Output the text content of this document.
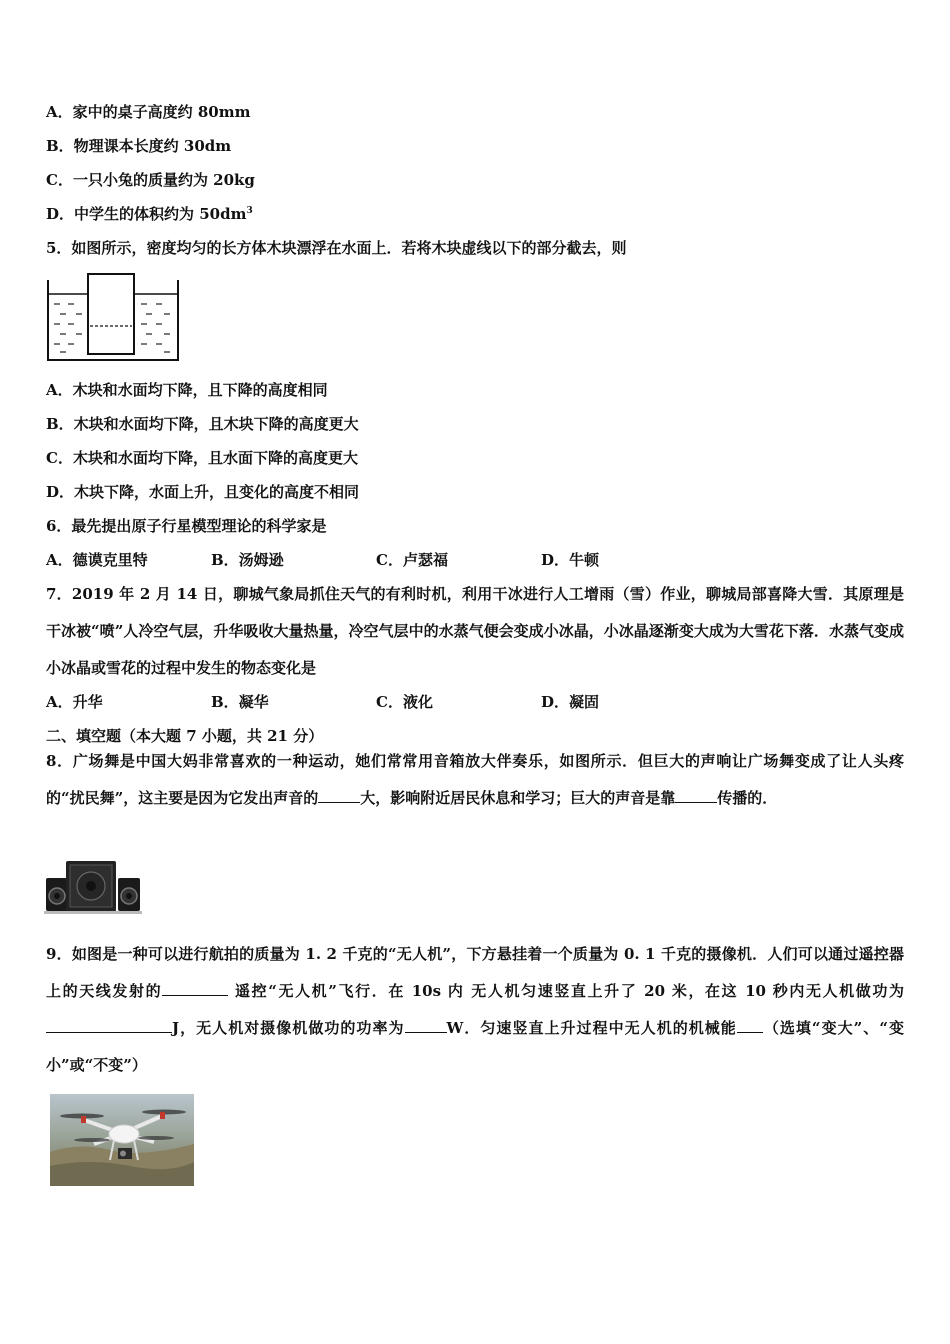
A．家中的桌子高度约 80mm
B．物理课本长度约 30dm
C．一只小兔的质量约为 20kg
D．中学生的体积约为 $50dm^3$
5．如图所示，密度均匀的长方体木块漂浮在水面上．若将木块虚线以下的部分截去，则
A．木块和水面均下降，且下降的高度相同
B．木块和水面均下降，且木块下降的高度更大
C．木块和水面均下降，且水面下降的高度更大
D．木块下降，水面上升，且变化的高度不相同
6．最先提出原子行星模型理论的科学家是
A．德谟克里特	B．汤姆逊	C．卢瑟福	D．牛顿
7．2019 年 2 月 14 日，聊城气象局抓住天气的有利时机，利用干冰进行人工增雨（雪）作业，聊城局部喜降大雪．其原理是干冰被“喷”人冷空气层，升华吸收大量热量，冷空气层中的水蒸气便会变成小冰晶，小冰晶逐渐变大成为大雪花下落．水蒸气变成小冰晶或雪花的过程中发生的物态变化是
A．升华	B．凝华	C．液化	D．凝固
二、填空题（本大题 7 小题，共 21 分）
8．广场舞是中国大妈非常喜欢的一种运动，她们常常用音箱放大伴奏乐，如图所示．但巨大的声响让广场舞变成了让人头疼的“扰民舞”，这主要是因为它发出声音的	大，影响附近居民休息和学习；巨大的声音是靠	传播的．
9．如图是一种可以进行航拍的质量为 1. 2 千克的“无人机”，下方悬挂着一个质量为 0. 1 千克的摄像机．人们可以通过遥控器上的天线发射的	遥控“无人机”飞行．在 10s 内 无人机匀速竖直上升了 20 米，在这 10 秒内无人机做功为J，无人机对摄像机做功的功率为	W．匀速竖直上升过程中无人机的机械能 （选填“变大”、“变小”或“不变”）
